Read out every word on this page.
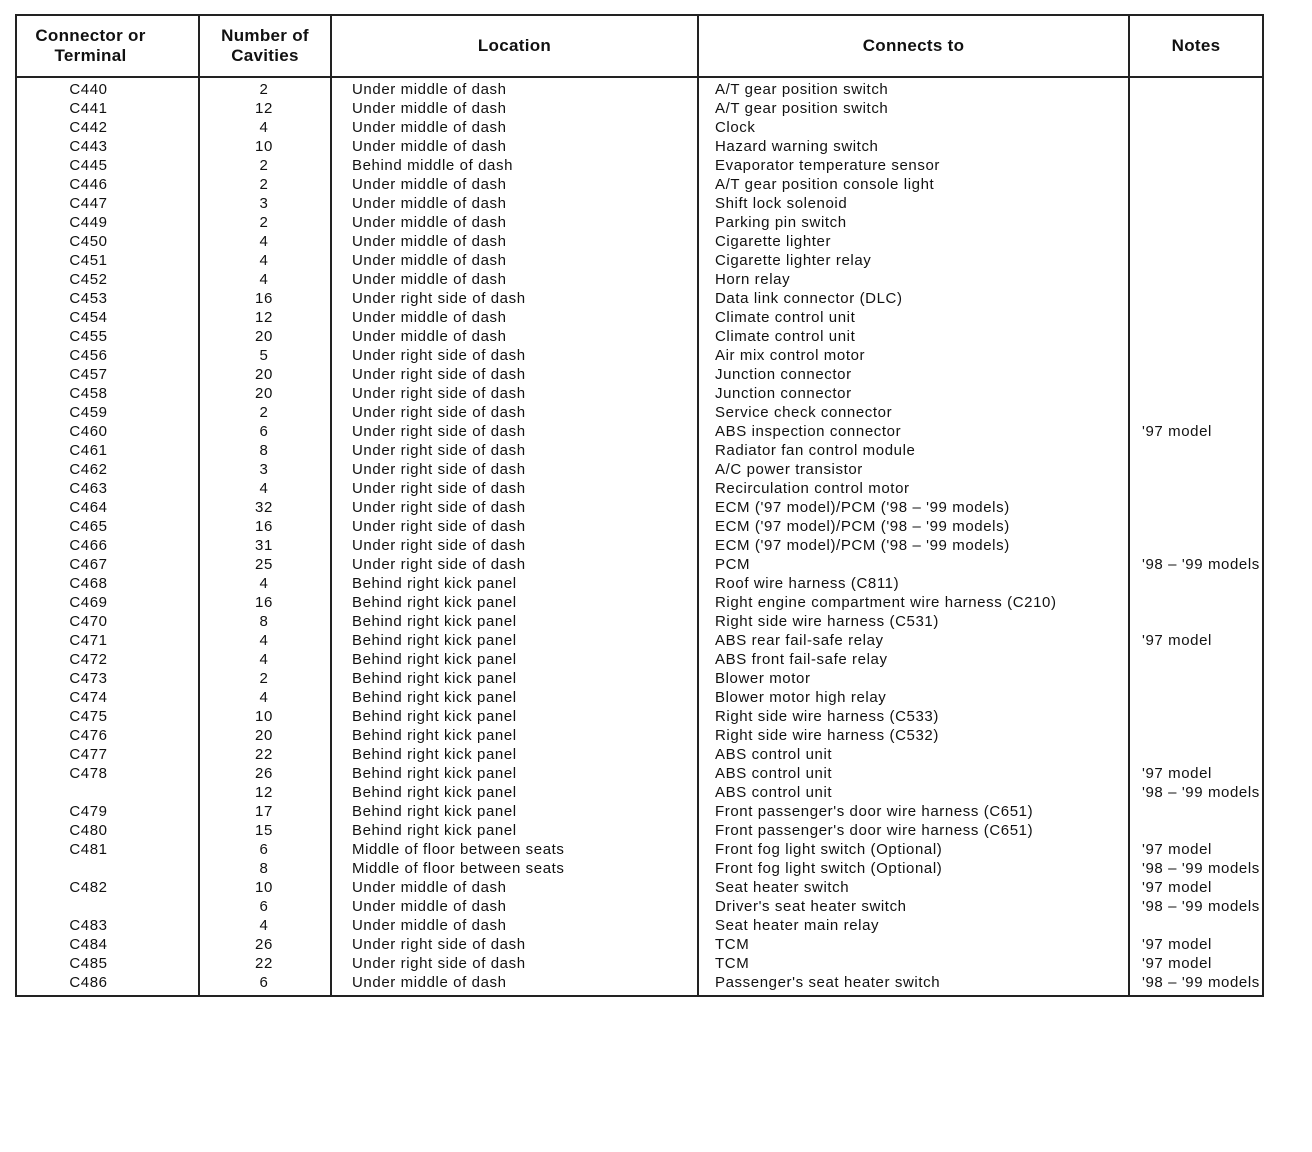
Connector or Terminal	Number of Cavities	Location	Connects to	Notes
C440	2	Under middle of dash	A/T gear position switch	
C441	12	Under middle of dash	A/T gear position switch	
C442	4	Under middle of dash	Clock	
C443	10	Under middle of dash	Hazard warning switch	
C445	2	Behind middle of dash	Evaporator temperature sensor	
C446	2	Under middle of dash	A/T gear position console light	
C447	3	Under middle of dash	Shift lock solenoid	
C449	2	Under middle of dash	Parking pin switch	
C450	4	Under middle of dash	Cigarette lighter	
C451	4	Under middle of dash	Cigarette lighter relay	
C452	4	Under middle of dash	Horn relay	
C453	16	Under right side of dash	Data link connector (DLC)	
C454	12	Under middle of dash	Climate control unit	
C455	20	Under middle of dash	Climate control unit	
C456	5	Under right side of dash	Air mix control motor	
C457	20	Under right side of dash	Junction connector	
C458	20	Under right side of dash	Junction connector	
C459	2	Under right side of dash	Service check connector	
C460	6	Under right side of dash	ABS inspection connector	'97 model
C461	8	Under right side of dash	Radiator fan control module	
C462	3	Under right side of dash	A/C power transistor	
C463	4	Under right side of dash	Recirculation control motor	
C464	32	Under right side of dash	ECM ('97 model)/PCM ('98 – '99 models)	
C465	16	Under right side of dash	ECM ('97 model)/PCM ('98 – '99 models)	
C466	31	Under right side of dash	ECM ('97 model)/PCM ('98 – '99 models)	
C467	25	Under right side of dash	PCM	'98 – '99 models
C468	4	Behind right kick panel	Roof wire harness (C811)	
C469	16	Behind right kick panel	Right engine compartment wire harness (C210)	
C470	8	Behind right kick panel	Right side wire harness (C531)	
C471	4	Behind right kick panel	ABS rear fail-safe relay	'97 model
C472	4	Behind right kick panel	ABS front fail-safe relay	
C473	2	Behind right kick panel	Blower motor	
C474	4	Behind right kick panel	Blower motor high relay	
C475	10	Behind right kick panel	Right side wire harness (C533)	
C476	20	Behind right kick panel	Right side wire harness (C532)	
C477	22	Behind right kick panel	ABS control unit	
C478	26	Behind right kick panel	ABS control unit	'97 model
	12	Behind right kick panel	ABS control unit	'98 – '99 models
C479	17	Behind right kick panel	Front passenger's door wire harness (C651)	
C480	15	Behind right kick panel	Front passenger's door wire harness (C651)	
C481	6	Middle of floor between seats	Front fog light switch (Optional)	'97 model
	8	Middle of floor between seats	Front fog light switch (Optional)	'98 – '99 models
C482	10	Under middle of dash	Seat heater switch	'97 model
	6	Under middle of dash	Driver's seat heater switch	'98 – '99 models
C483	4	Under middle of dash	Seat heater main relay	
C484	26	Under right side of dash	TCM	'97 model
C485	22	Under right side of dash	TCM	'97 model
C486	6	Under middle of dash	Passenger's seat heater switch	'98 – '99 models
